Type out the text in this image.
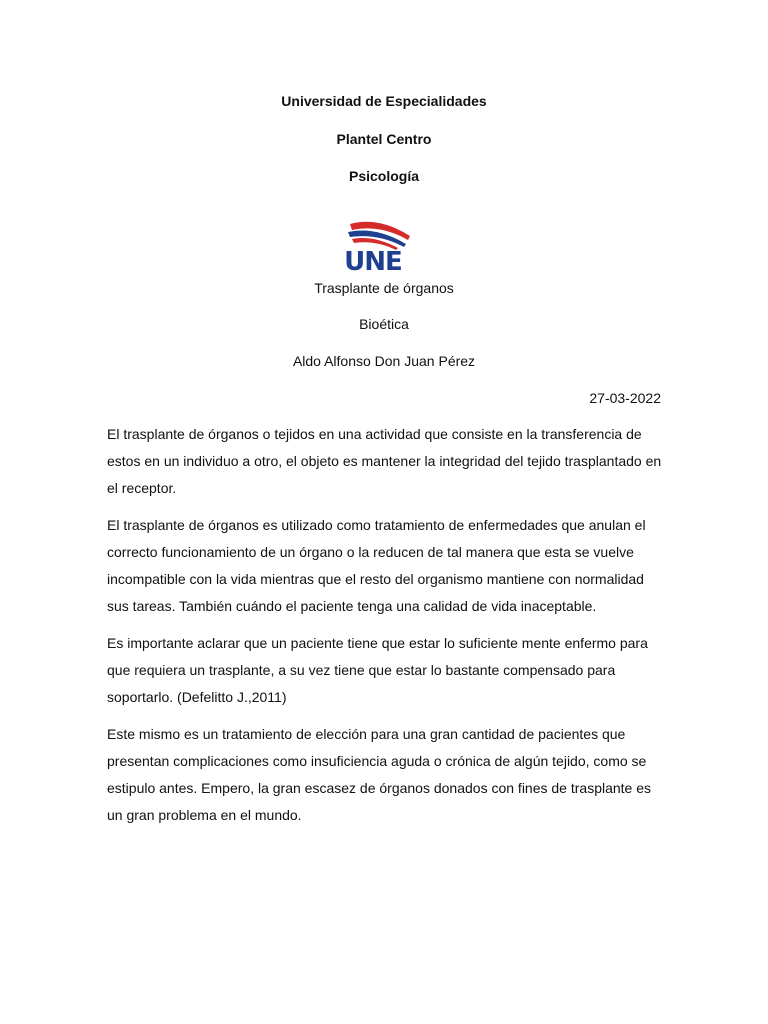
Universidad de Especialidades
Plantel Centro
Psicología
UNE
Trasplante de órganos
Bioética
Aldo Alfonso Don Juan Pérez
27-03-2022

El trasplante de órganos o tejidos en una actividad que consiste en la transferencia de estos en un individuo a otro, el objeto es mantener la integridad del tejido trasplantado en el receptor.

El trasplante de órganos es utilizado como tratamiento de enfermedades que anulan el correcto funcionamiento de un órgano o la reducen de tal manera que esta se vuelve incompatible con la vida mientras que el resto del organismo mantiene con normalidad sus tareas. También cuándo el paciente tenga una calidad de vida inaceptable.

Es importante aclarar que un paciente tiene que estar lo suficiente mente enfermo para que requiera un trasplante, a su vez tiene que estar lo bastante compensado para soportarlo. (Defelitto J.,2011)

Este mismo es un tratamiento de elección para una gran cantidad de pacientes que presentan complicaciones como insuficiencia aguda o crónica de algún tejido, como se estipulo antes. Empero, la gran escasez de órganos donados con fines de trasplante es un gran problema en el mundo.
